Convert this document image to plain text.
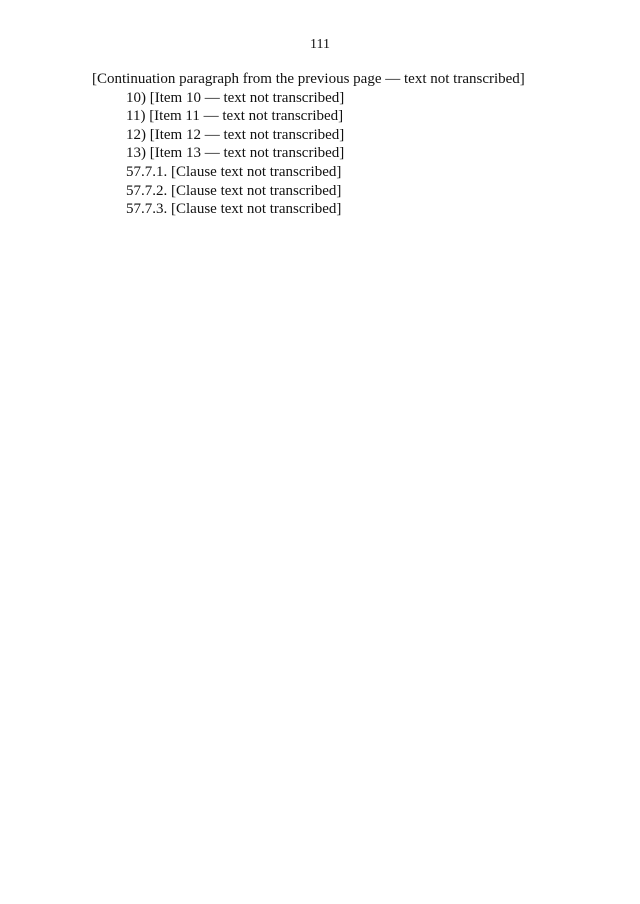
111

[Continuation paragraph from the previous page — text not transcribed]

10) [Item 10 — text not transcribed]

11) [Item 11 — text not transcribed]

12) [Item 12 — text not transcribed]

13) [Item 13 — text not transcribed]

57.7.1. [Clause text not transcribed]

57.7.2. [Clause text not transcribed]

57.7.3. [Clause text not transcribed]
